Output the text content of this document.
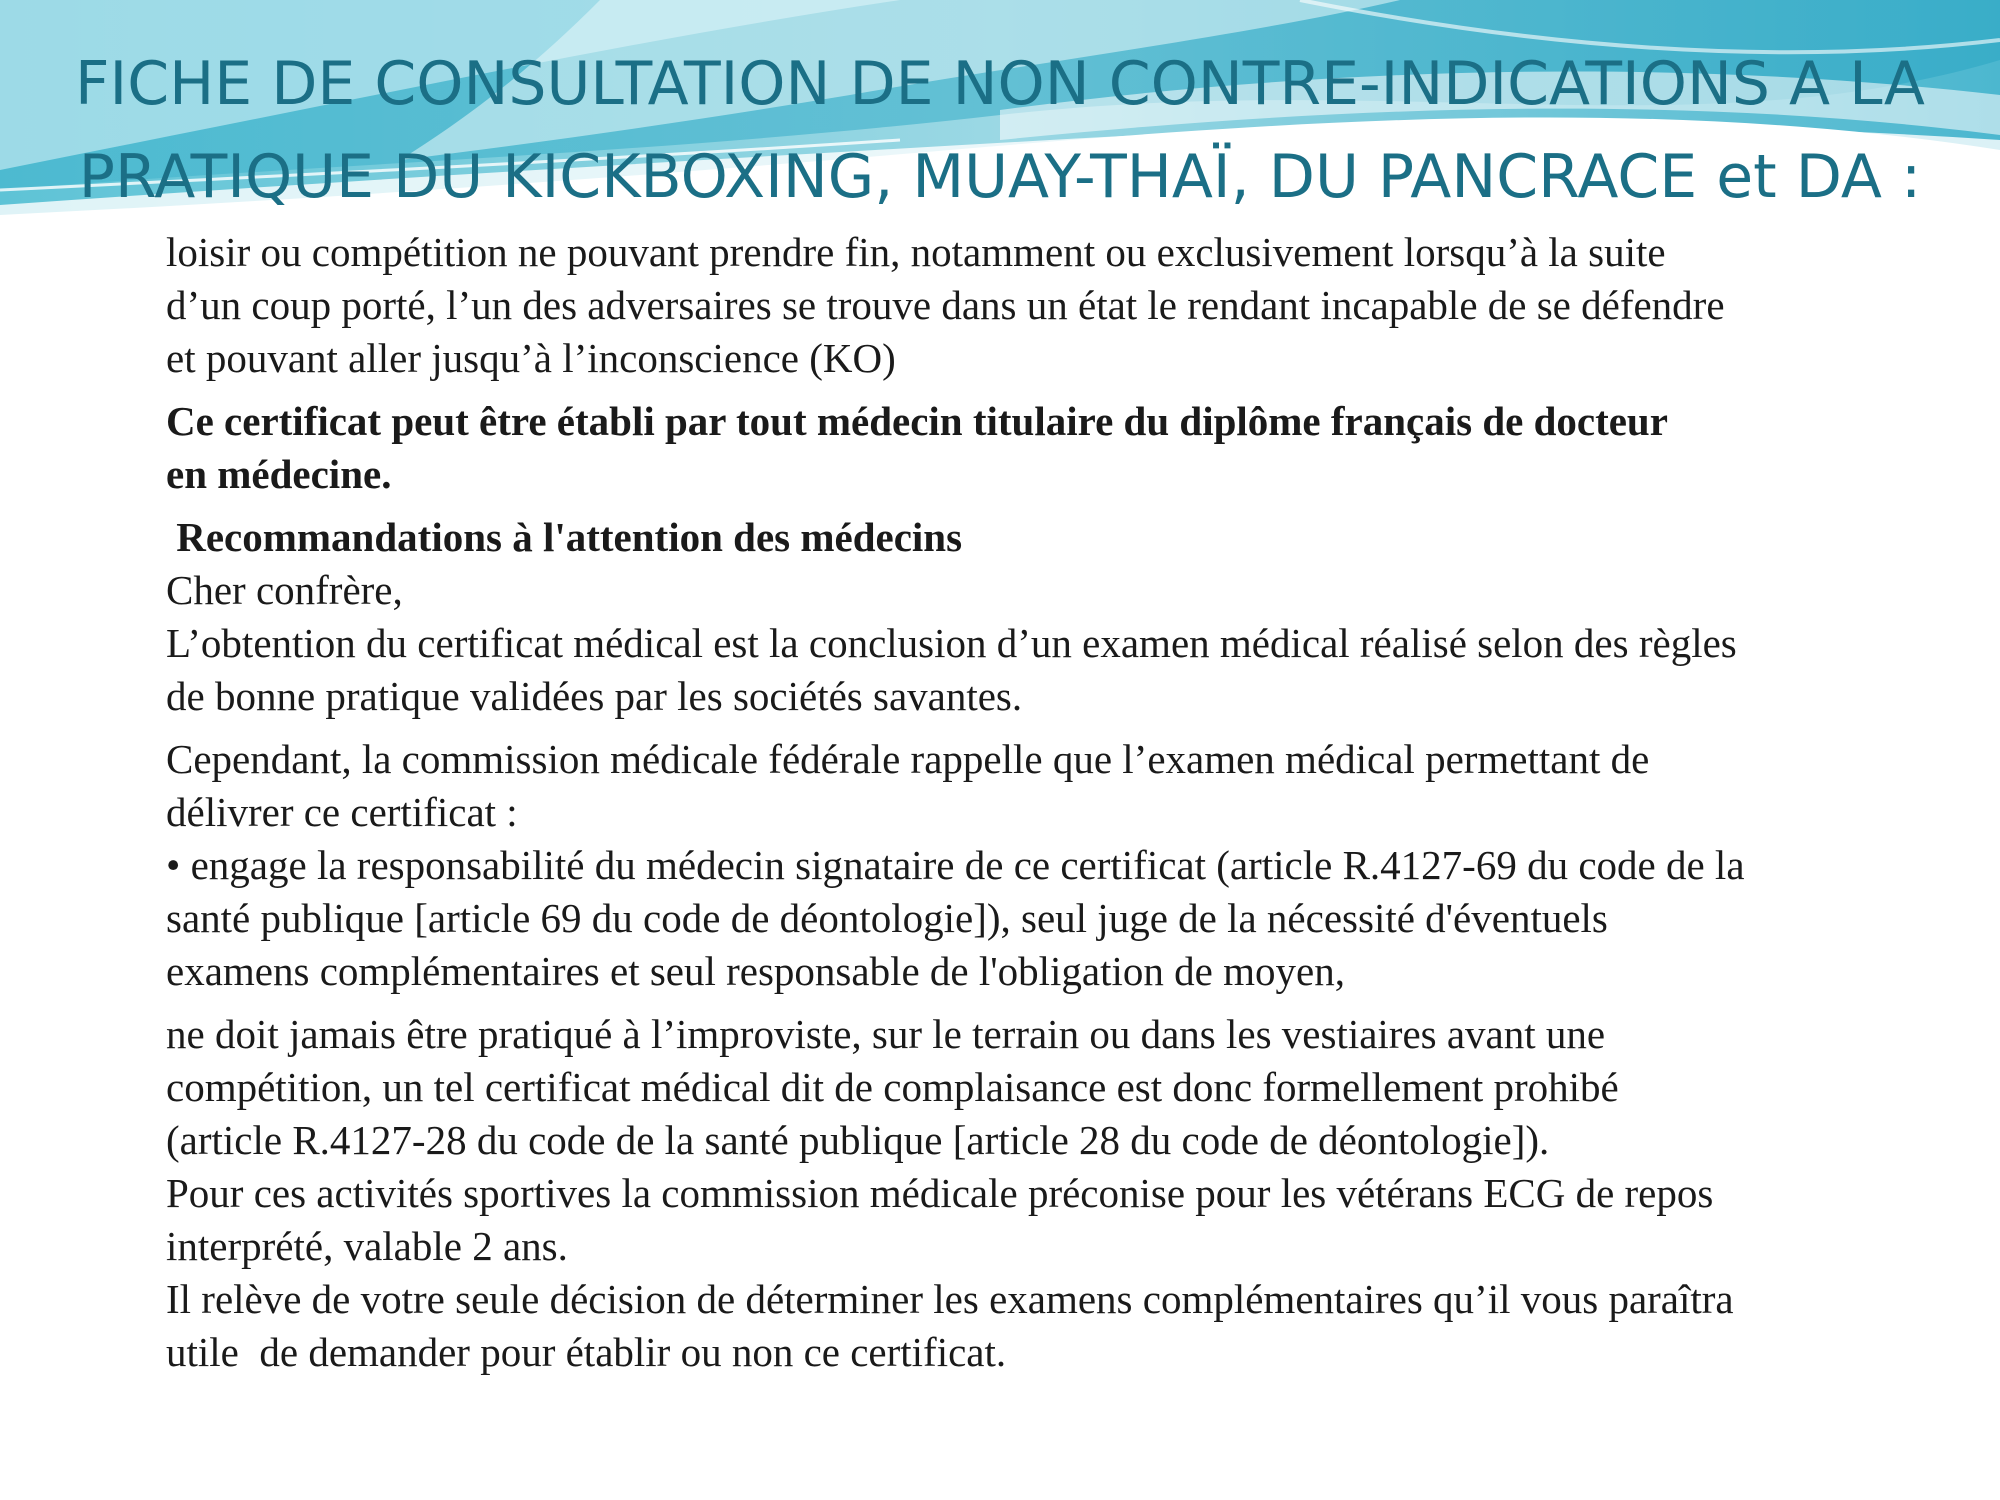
FICHE DE CONSULTATION DE NON CONTRE-INDICATIONS A LA
PRATIQUE DU KICKBOXING, MUAY-THAÏ, DU PANCRACE et DA :

loisir ou compétition ne pouvant prendre fin, notamment ou exclusivement lorsqu’à la suite
d’un coup porté, l’un des adversaires se trouve dans un état le rendant incapable de se défendre
et pouvant aller jusqu’à l’inconscience (KO)

Ce certificat peut être établi par tout médecin titulaire du diplôme français de docteur
en médecine.

Recommandations à l'attention des médecins
Cher confrère,
L’obtention du certificat médical est la conclusion d’un examen médical réalisé selon des règles
de bonne pratique validées par les sociétés savantes.

Cependant, la commission médicale fédérale rappelle que l’examen médical permettant de
délivrer ce certificat :
• engage la responsabilité du médecin signataire de ce certificat (article R.4127-69 du code de la
santé publique [article 69 du code de déontologie]), seul juge de la nécessité d'éventuels
examens complémentaires et seul responsable de l'obligation de moyen,

ne doit jamais être pratiqué à l’improviste, sur le terrain ou dans les vestiaires avant une
compétition, un tel certificat médical dit de complaisance est donc formellement prohibé
(article R.4127-28 du code de la santé publique [article 28 du code de déontologie]).
Pour ces activités sportives la commission médicale préconise pour les vétérans ECG de repos
interprété, valable 2 ans.
Il relève de votre seule décision de déterminer les examens complémentaires qu’il vous paraîtra
utile  de demander pour établir ou non ce certificat.
